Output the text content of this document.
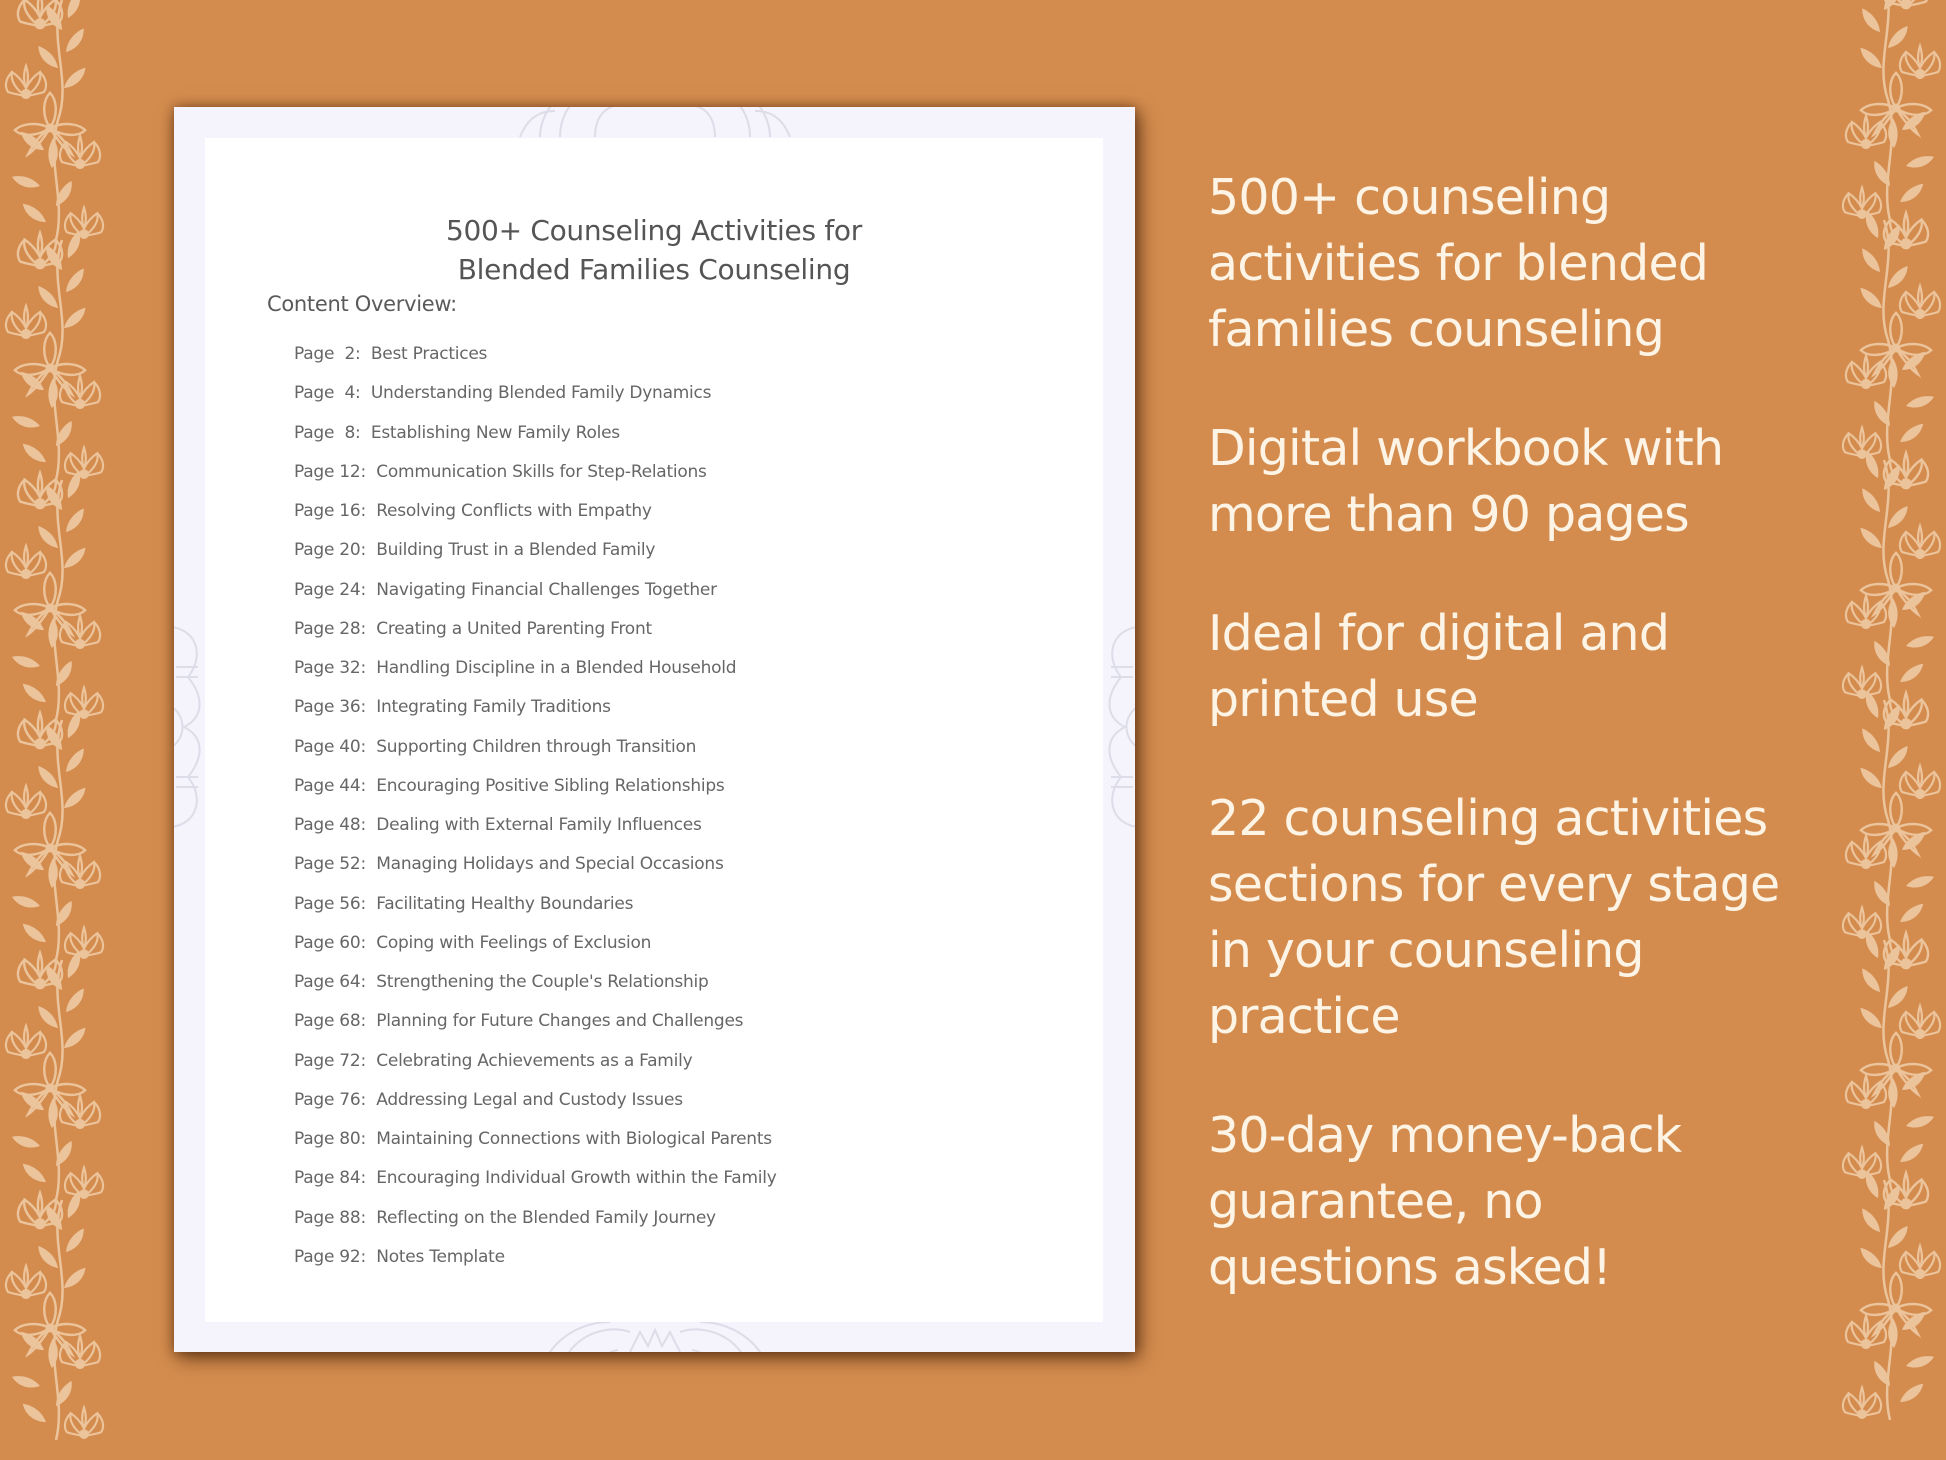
500+ Counseling Activities for
Blended Families Counseling
Content Overview:
Page  2: Best Practices
Page  4: Understanding Blended Family Dynamics
Page  8: Establishing New Family Roles
Page 12: Communication Skills for Step-Relations
Page 16: Resolving Conflicts with Empathy
Page 20: Building Trust in a Blended Family
Page 24: Navigating Financial Challenges Together
Page 28: Creating a United Parenting Front
Page 32: Handling Discipline in a Blended Household
Page 36: Integrating Family Traditions
Page 40: Supporting Children through Transition
Page 44: Encouraging Positive Sibling Relationships
Page 48: Dealing with External Family Influences
Page 52: Managing Holidays and Special Occasions
Page 56: Facilitating Healthy Boundaries
Page 60: Coping with Feelings of Exclusion
Page 64: Strengthening the Couple's Relationship
Page 68: Planning for Future Changes and Challenges
Page 72: Celebrating Achievements as a Family
Page 76: Addressing Legal and Custody Issues
Page 80: Maintaining Connections with Biological Parents
Page 84: Encouraging Individual Growth within the Family
Page 88: Reflecting on the Blended Family Journey
Page 92: Notes Template
500+ counseling
activities for blended
families counseling
Digital workbook with
more than 90 pages
Ideal for digital and
printed use
22 counseling activities
sections for every stage
in your counseling
practice
30-day money-back
guarantee, no
questions asked!
